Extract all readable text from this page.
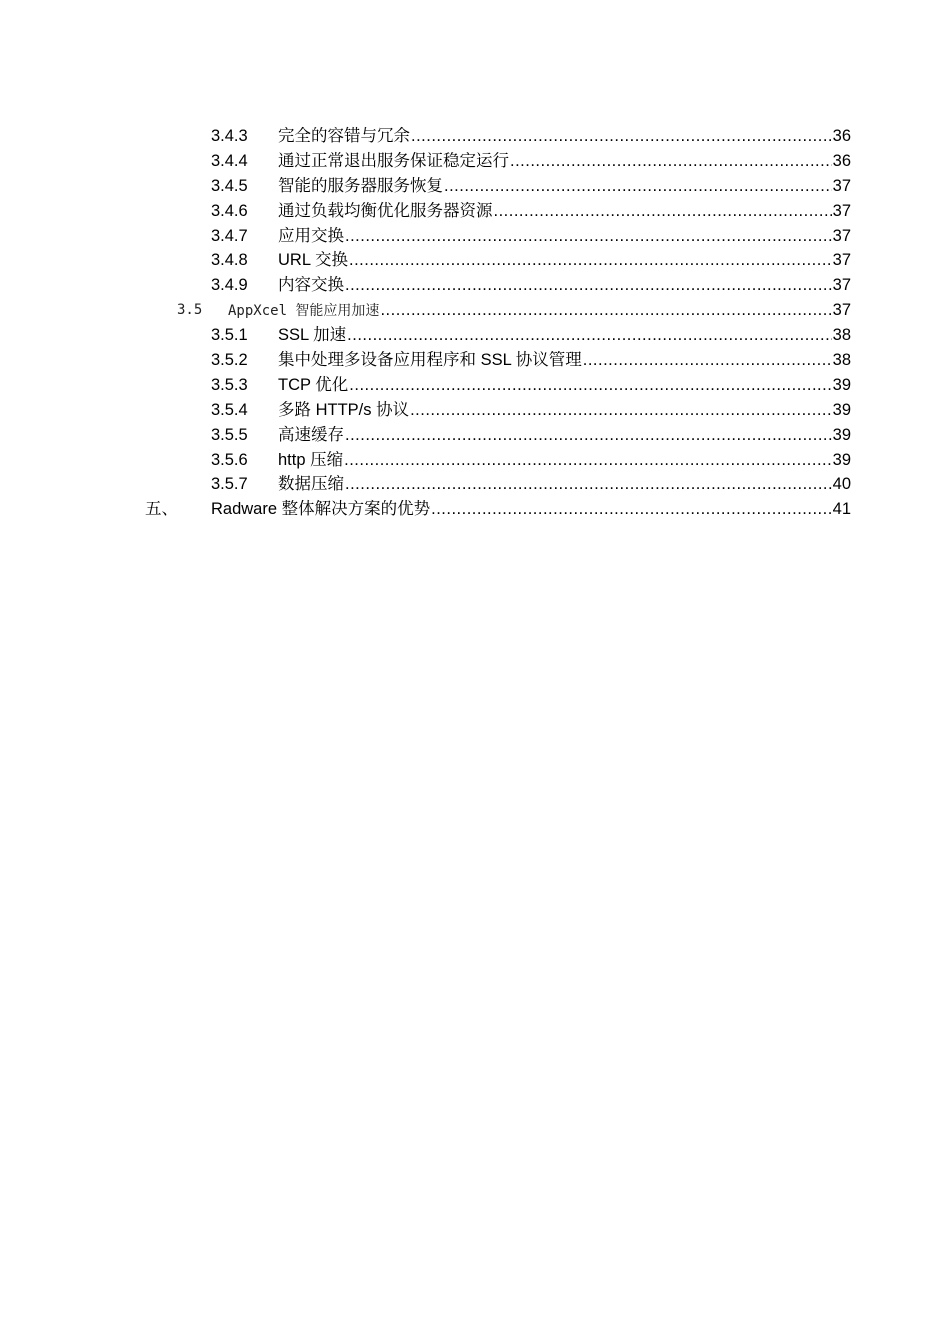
3.4.3 完全的容错与冗余 .....	36
3.4.4 通过正常退出服务保证稳定运行 .....	36
3.4.5 智能的服务器服务恢复 .....	37
3.4.6 通过负载均衡优化服务器资源 .....	37
3.4.7 应用交换 .....	37
3.4.8 URL 交换 .....	37
3.4.9 内容交换 .....	37
3.5 AppXcel 智能应用加速 .....	37
3.5.1 SSL 加速 .....	38
3.5.2 集中处理多设备应用程序和 SSL 协议管理 .....	38
3.5.3 TCP 优化 .....	39
3.5.4 多路 HTTP/s 协议 .....	39
3.5.5 高速缓存 .....	39
3.5.6 http 压缩 .....	39
3.5.7 数据压缩 .....	40
五、 Radware 整体解决方案的优势 .....	41
